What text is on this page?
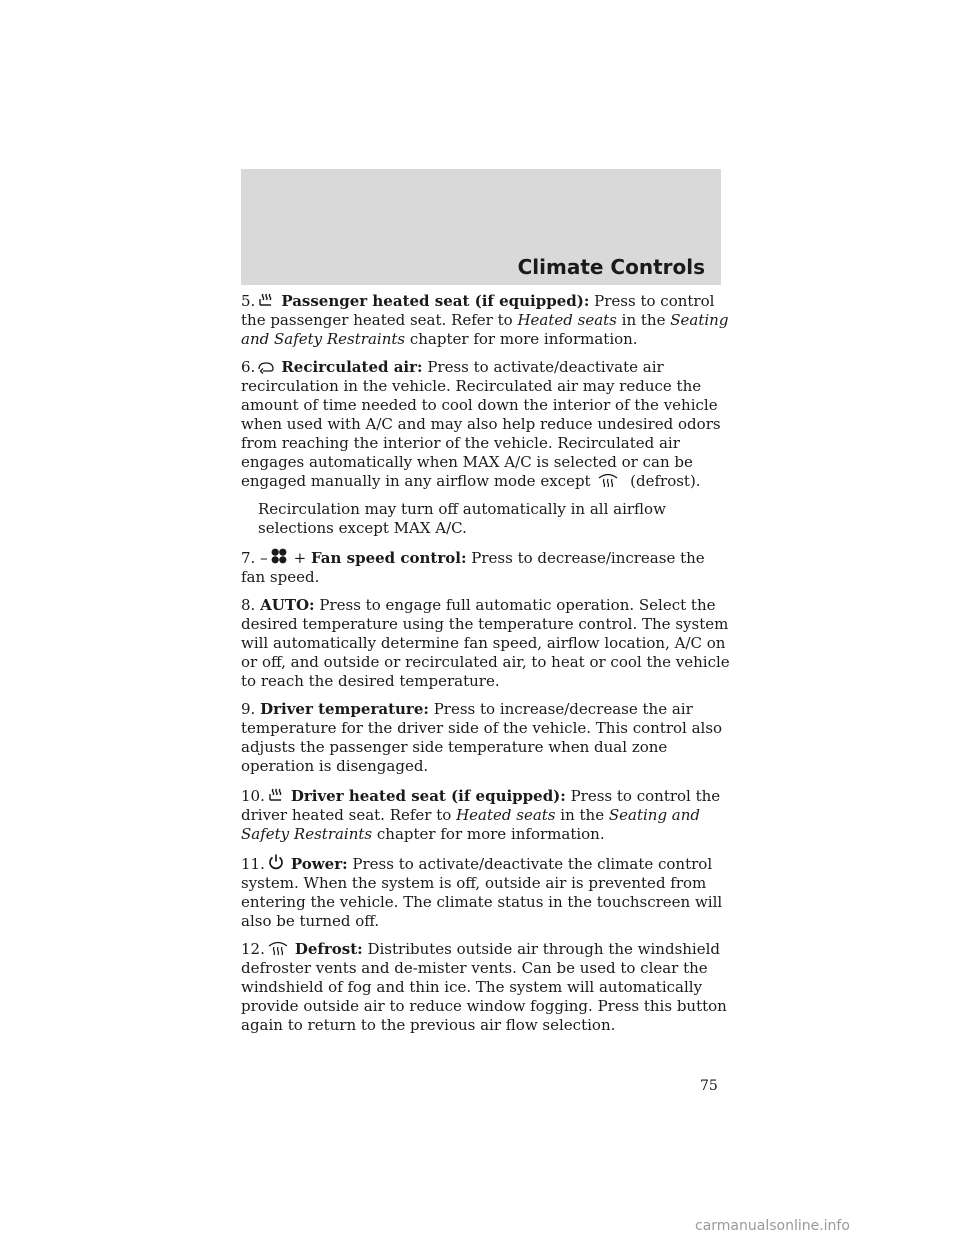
Climate Controls

5. Passenger heated seat (if equipped): Press to control the passenger heated seat. Refer to Heated seats in the Seating and Safety Restraints chapter for more information.

6. Recirculated air: Press to activate/deactivate air recirculation in the vehicle. Recirculated air may reduce the amount of time needed to cool down the interior of the vehicle when used with A/C and may also help reduce undesired odors from reaching the interior of the vehicle. Recirculated air engages automatically when MAX A/C is selected or can be engaged manually in any airflow mode except	(defrost).

Recirculation may turn off automatically in all airflow selections except MAX A/C.

7. – + Fan speed control: Press to decrease/increase the fan speed.

8. AUTO: Press to engage full automatic operation. Select the desired temperature using the temperature control. The system will automatically determine fan speed, airflow location, A/C on or off, and outside or recirculated air, to heat or cool the vehicle to reach the desired temperature.

9. Driver temperature: Press to increase/decrease the air temperature for the driver side of the vehicle. This control also adjusts the passenger side temperature when dual zone operation is disengaged.

10. Driver heated seat (if equipped): Press to control the driver heated seat. Refer to Heated seats in the Seating and Safety Restraints chapter for more information.

11. Power: Press to activate/deactivate the climate control system. When the system is off, outside air is prevented from entering the vehicle. The climate status in the touchscreen will also be turned off.

12. Defrost: Distributes outside air through the windshield defroster vents and de-mister vents. Can be used to clear the windshield of fog and thin ice. The system will automatically provide outside air to reduce window fogging. Press this button again to return to the previous air flow selection.

75
carmanualsonline.info
